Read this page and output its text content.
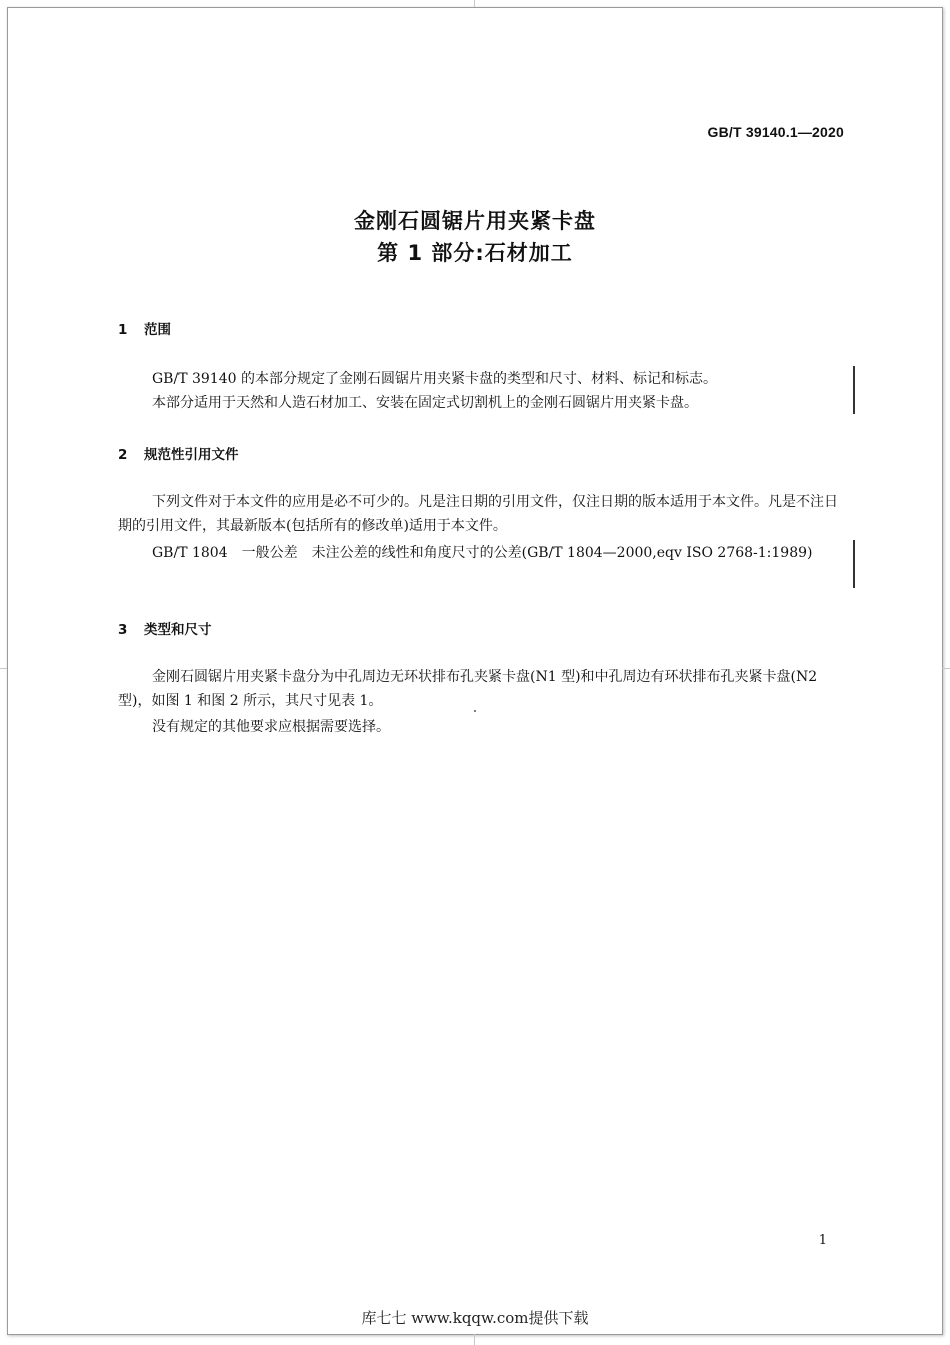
GB/T 39140.1—2020
金刚石圆锯片用夹紧卡盘
第 1 部分:石材加工
1 范围
GB/T 39140 的本部分规定了金刚石圆锯片用夹紧卡盘的类型和尺寸、材料、标记和标志。
本部分适用于天然和人造石材加工、安装在固定式切割机上的金刚石圆锯片用夹紧卡盘。
2 规范性引用文件
下列文件对于本文件的应用是必不可少的。凡是注日期的引用文件，仅注日期的版本适用于本文件。凡是不注日期的引用文件，其最新版本(包括所有的修改单)适用于本文件。
GB/T 1804　一般公差　未注公差的线性和角度尺寸的公差(GB/T 1804—2000,eqv ISO 2768-1:1989)
3 类型和尺寸
金刚石圆锯片用夹紧卡盘分为中孔周边无环状排布孔夹紧卡盘(N1 型)和中孔周边有环状排布孔夹紧卡盘(N2 型)，如图 1 和图 2 所示，其尺寸见表 1。
没有规定的其他要求应根据需要选择。
1
库七七 www.kqqw.com提供下载
